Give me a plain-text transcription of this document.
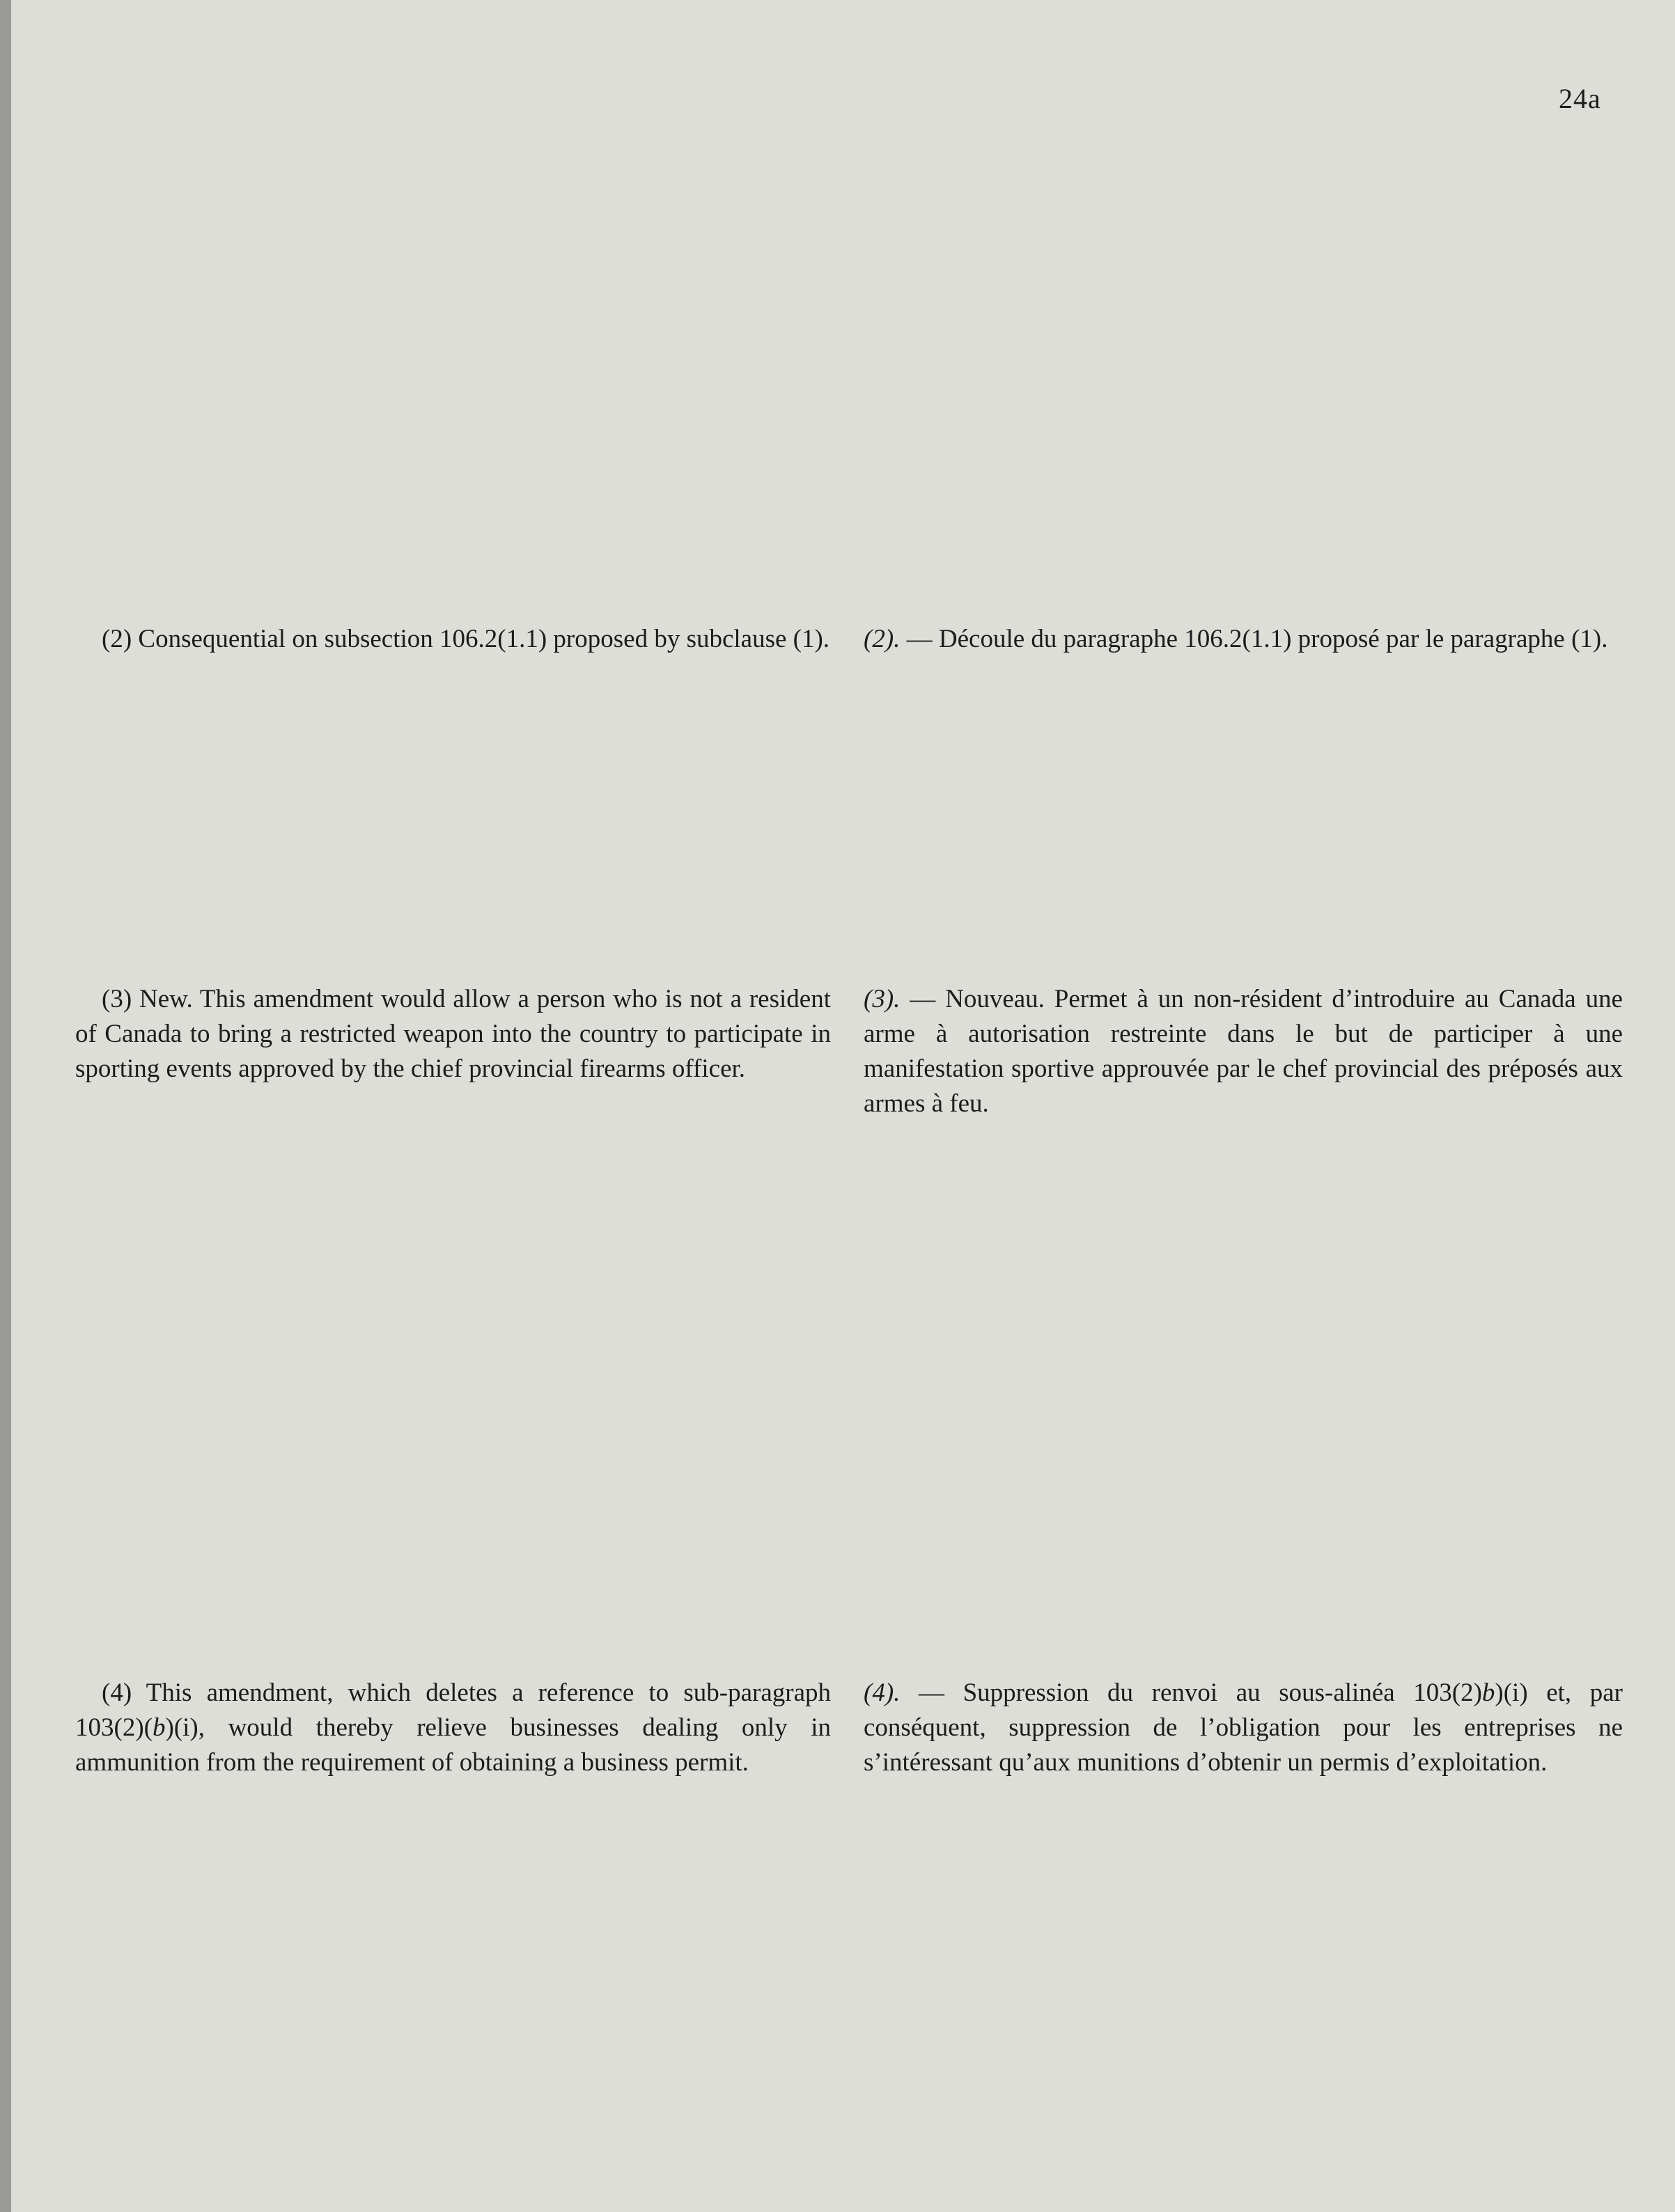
24a
(2) Consequential on subsection 106.2(1.1) proposed by subclause (1). (2). — Découle du paragraphe 106.2(1.1) proposé par le paragraphe (1).
(3) New. This amendment would allow a person who is not a resident of Canada to bring a restricted weapon into the country to participate in sporting events approved by the chief provincial firearms officer.
(3). — Nouveau. Permet à un non-résident d’introduire au Canada une arme à autorisation restreinte dans le but de participer à une manifestation sportive approuvée par le chef provincial des préposés aux armes à feu.
(4) This amendment, which deletes a reference to sub-paragraph 103(2)(b)(i), would thereby relieve businesses dealing only in ammunition from the requirement of obtaining a business permit.
(4). — Suppression du renvoi au sous-alinéa 103(2)b)(i) et, par conséquent, suppression de l’obligation pour les entreprises ne s’intéressant qu’aux munitions d’obtenir un permis d’exploitation.
